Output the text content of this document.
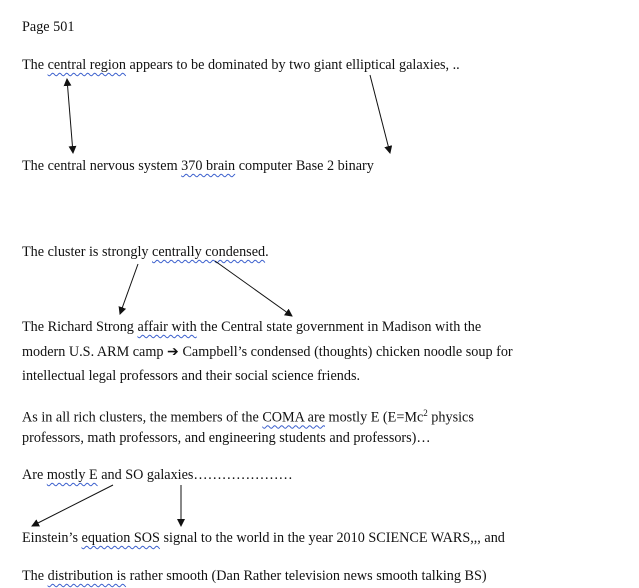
Page 501
The central region appears to be dominated by two giant elliptical galaxies, ..
The central nervous system 370 brain computer Base 2 binary
The cluster is strongly centrally condensed.
The Richard Strong affair with the Central state government in Madison with the
modern U.S. ARM camp ➔ Campbell’s condensed (thoughts) chicken noodle soup for
intellectual legal professors and their social science friends.
As in all rich clusters, the members of the COMA are mostly E ($E=Mc^2$ physics
professors, math professors, and engineering students and professors)…
Are mostly E and SO galaxies…………………
Einstein’s equation SOS signal to the world in the year 2010 SCIENCE WARS,,, and
The distribution is rather smooth (Dan Rather television news smooth talking BS)
